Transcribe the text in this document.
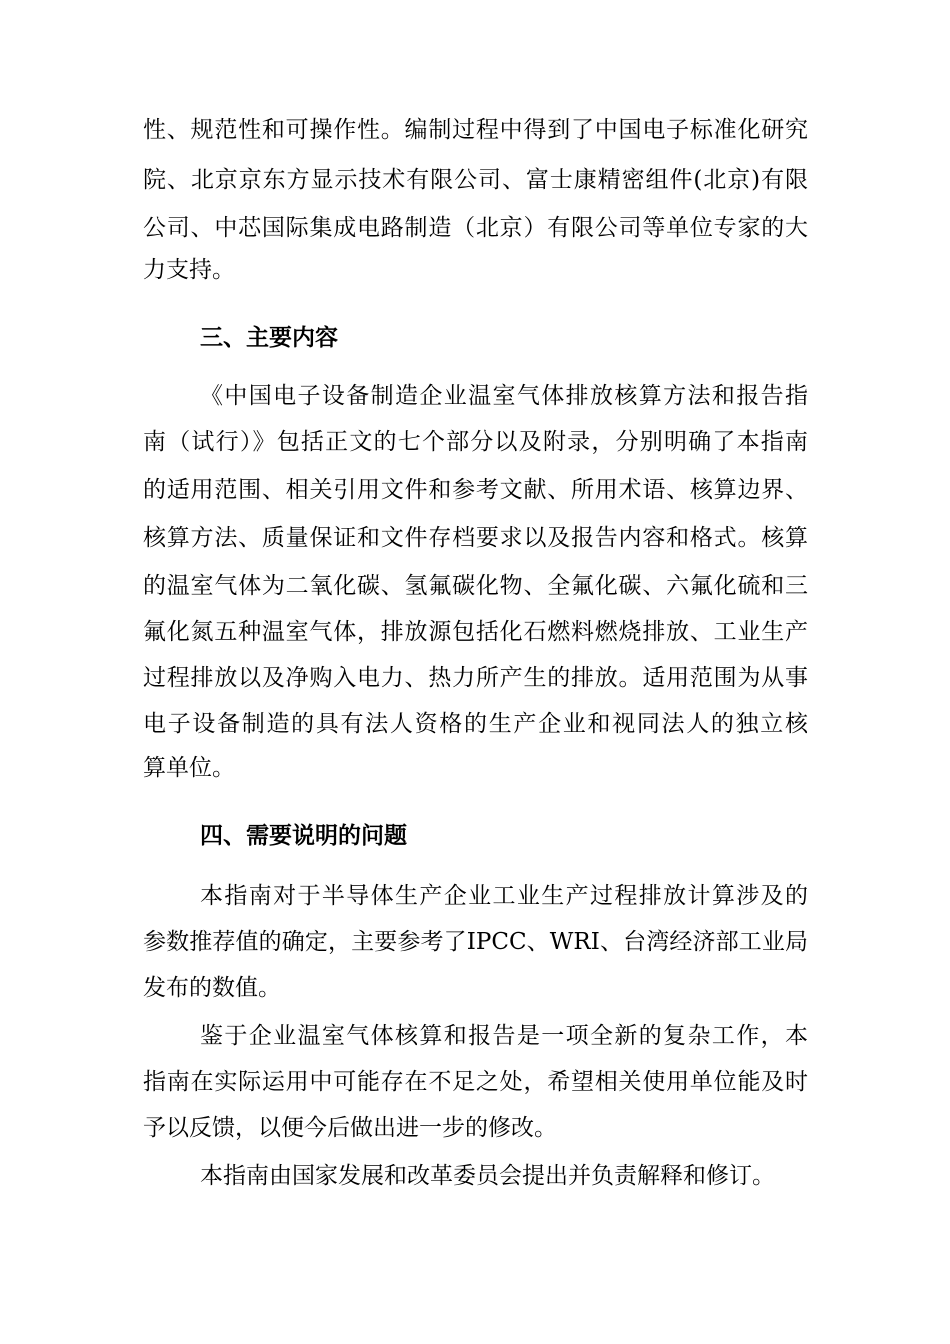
性、规范性和可操作性。编制过程中得到了中国电子标准化研究
院、北京京东方显示技术有限公司、富士康精密组件(北京)有限
公司、中芯国际集成电路制造（北京）有限公司等单位专家的大
力支持。
三、主要内容
《中国电子设备制造企业温室气体排放核算方法和报告指
南（试行）》包括正文的七个部分以及附录，分别明确了本指南
的适用范围、相关引用文件和参考文献、所用术语、核算边界、
核算方法、质量保证和文件存档要求以及报告内容和格式。核算
的温室气体为二氧化碳、氢氟碳化物、全氟化碳、六氟化硫和三
氟化氮五种温室气体，排放源包括化石燃料燃烧排放、工业生产
过程排放以及净购入电力、热力所产生的排放。适用范围为从事
电子设备制造的具有法人资格的生产企业和视同法人的独立核
算单位。
四、需要说明的问题
本指南对于半导体生产企业工业生产过程排放计算涉及的
参数推荐值的确定，主要参考了IPCC、WRI、台湾经济部工业局
发布的数值。
鉴于企业温室气体核算和报告是一项全新的复杂工作，本
指南在实际运用中可能存在不足之处，希望相关使用单位能及时
予以反馈，以便今后做出进一步的修改。
本指南由国家发展和改革委员会提出并负责解释和修订。
